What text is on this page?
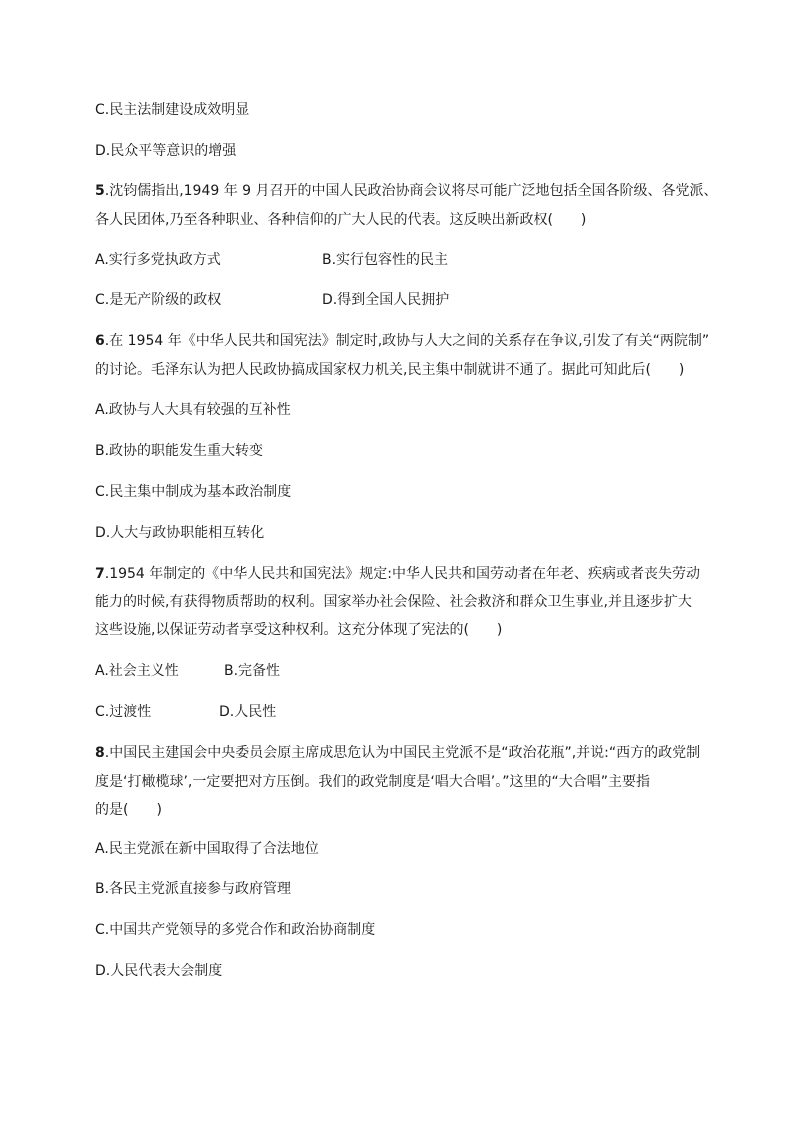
C.民主法制建设成效明显
D.民众平等意识的增强
5.沈钧儒指出,1949 年 9 月召开的中国人民政治协商会议将尽可能广泛地包括全国各阶级、各党派、
各人民团体,乃至各种职业、各种信仰的广大人民的代表。这反映出新政权(　　)
A.实行多党执政方式	B.实行包容性的民主
C.是无产阶级的政权	D.得到全国人民拥护
6.在 1954 年《中华人民共和国宪法》制定时,政协与人大之间的关系存在争议,引发了有关“两院制”
的讨论。毛泽东认为把人民政协搞成国家权力机关,民主集中制就讲不通了。据此可知此后(　　)
A.政协与人大具有较强的互补性
B.政协的职能发生重大转变
C.民主集中制成为基本政治制度
D.人大与政协职能相互转化
7.1954 年制定的《中华人民共和国宪法》规定:中华人民共和国劳动者在年老、疾病或者丧失劳动
能力的时候,有获得物质帮助的权利。国家举办社会保险、社会救济和群众卫生事业,并且逐步扩大
这些设施,以保证劳动者享受这种权利。这充分体现了宪法的(　　)
A.社会主义性	B.完备性
C.过渡性	D.人民性
8.中国民主建国会中央委员会原主席成思危认为中国民主党派不是“政治花瓶”,并说:“西方的政党制
度是‘打橄榄球’,一定要把对方压倒。我们的政党制度是‘唱大合唱’。”这里的“大合唱”主要指
的是(　　)
A.民主党派在新中国取得了合法地位
B.各民主党派直接参与政府管理
C.中国共产党领导的多党合作和政治协商制度
D.人民代表大会制度
